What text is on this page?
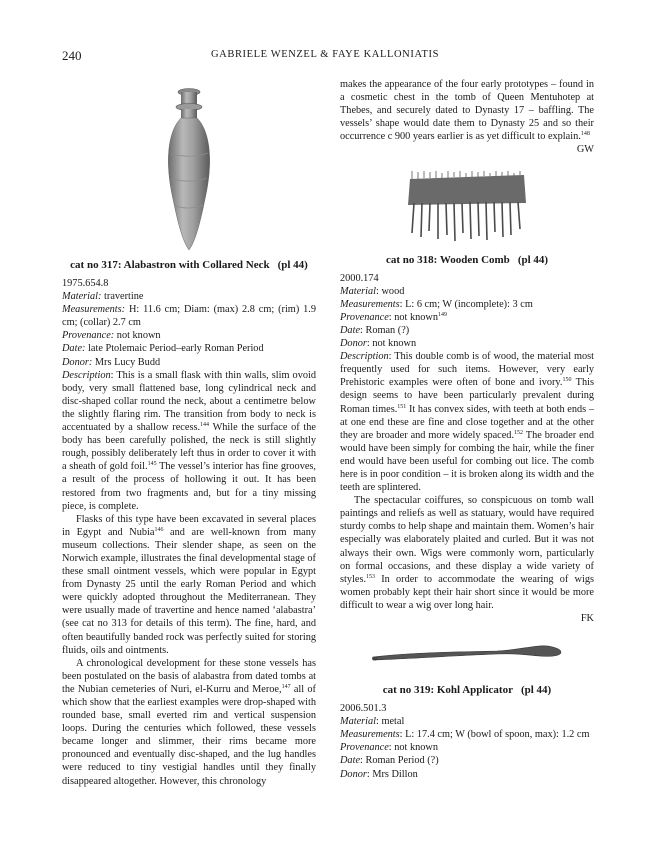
240	GABRIELE WENZEL & FAYE KALLONIATIS
cat no 317: Alabastron with Collared Neck (pl 44)
1975.654.8
Material: travertine
Measurements: H: 11.6 cm; Diam: (max) 2.8 cm; (rim) 1.9 cm; (collar) 2.7 cm
Provenance: not known
Date: late Ptolemaic Period–early Roman Period
Donor: Mrs Lucy Budd
Description: This is a small flask with thin walls, slim ovoid body, very small flattened base, long cylindrical neck and disc-shaped collar round the neck, about a centimetre below the slightly flaring rim. The transition from body to neck is accentuated by a shallow recess.$^{144}$ While the surface of the body has been carefully polished, the neck is still slightly rough, possibly deliberately left thus in order to cover it with a sheath of gold foil.$^{145}$ The vessel’s interior has fine grooves, a result of the process of hollowing it out. It has been restored from two fragments and, but for a tiny missing piece, is complete.
Flasks of this type have been excavated in several places in Egypt and Nubia$^{146}$ and are well-known from many museum collections. Their slender shape, as seen on the Norwich example, illustrates the final developmental stage of these small ointment vessels, which were popular in Egypt from Dynasty 25 until the early Roman Period and which were quickly adopted throughout the Mediterranean. They were usually made of travertine and hence named ‘alabastra’ (see cat no 313 for details of this term). The fine, hard, and often beautifully banded rock was perfectly suited for storing fluids, oils and ointments.
A chronological development for these stone vessels has been postulated on the basis of alabastra from dated tombs at the Nubian cemeteries of Nuri, el-Kurru and Meroe,$^{147}$ all of which show that the earliest examples were drop-shaped with rounded base, small everted rim and vertical suspension loops. During the centuries which followed, these vessels became longer and slimmer, their rims became more pronounced and eventually disc-shaped, and the lug handles were reduced to tiny vestigial handles until they finally disappeared altogether. However, this chronology
makes the appearance of the four early prototypes – found in a cosmetic chest in the tomb of Queen Mentuhotep at Thebes, and securely dated to Dynasty 17 – baffling. The vessels’ shape would date them to Dynasty 25 and so their occurrence c 900 years earlier is as yet difficult to explain.$^{148}$
GW
cat no 318: Wooden Comb (pl 44)
2000.174
Material: wood
Measurements: L: 6 cm; W (incomplete): 3 cm
Provenance: not known$^{149}$
Date: Roman (?)
Donor: not known
Description: This double comb is of wood, the material most frequently used for such items. However, very early Prehistoric examples were often of bone and ivory.$^{150}$ This design seems to have been particularly prevalent during Roman times.$^{151}$ It has convex sides, with teeth at both ends – at one end these are fine and close together and at the other they are broader and more widely spaced.$^{152}$ The broader end would have been simply for combing the hair, while the finer end would have been useful for combing out lice. The comb here is in poor condition – it is broken along its width and the teeth are splintered.
The spectacular coiffures, so conspicuous on tomb wall paintings and reliefs as well as statuary, would have required sturdy combs to help shape and maintain them. Women’s hair especially was elaborately plaited and curled. But it was not always their own. Wigs were commonly worn, particularly on formal occasions, and these display a wide variety of styles.$^{153}$ In order to accommodate the wearing of wigs women probably kept their hair short since it would be more difficult to wear a wig over long hair.
FK
cat no 319: Kohl Applicator (pl 44)
2006.501.3
Material: metal
Measurements: L: 17.4 cm; W (bowl of spoon, max): 1.2 cm
Provenance: not known
Date: Roman Period (?)
Donor: Mrs Dillon
